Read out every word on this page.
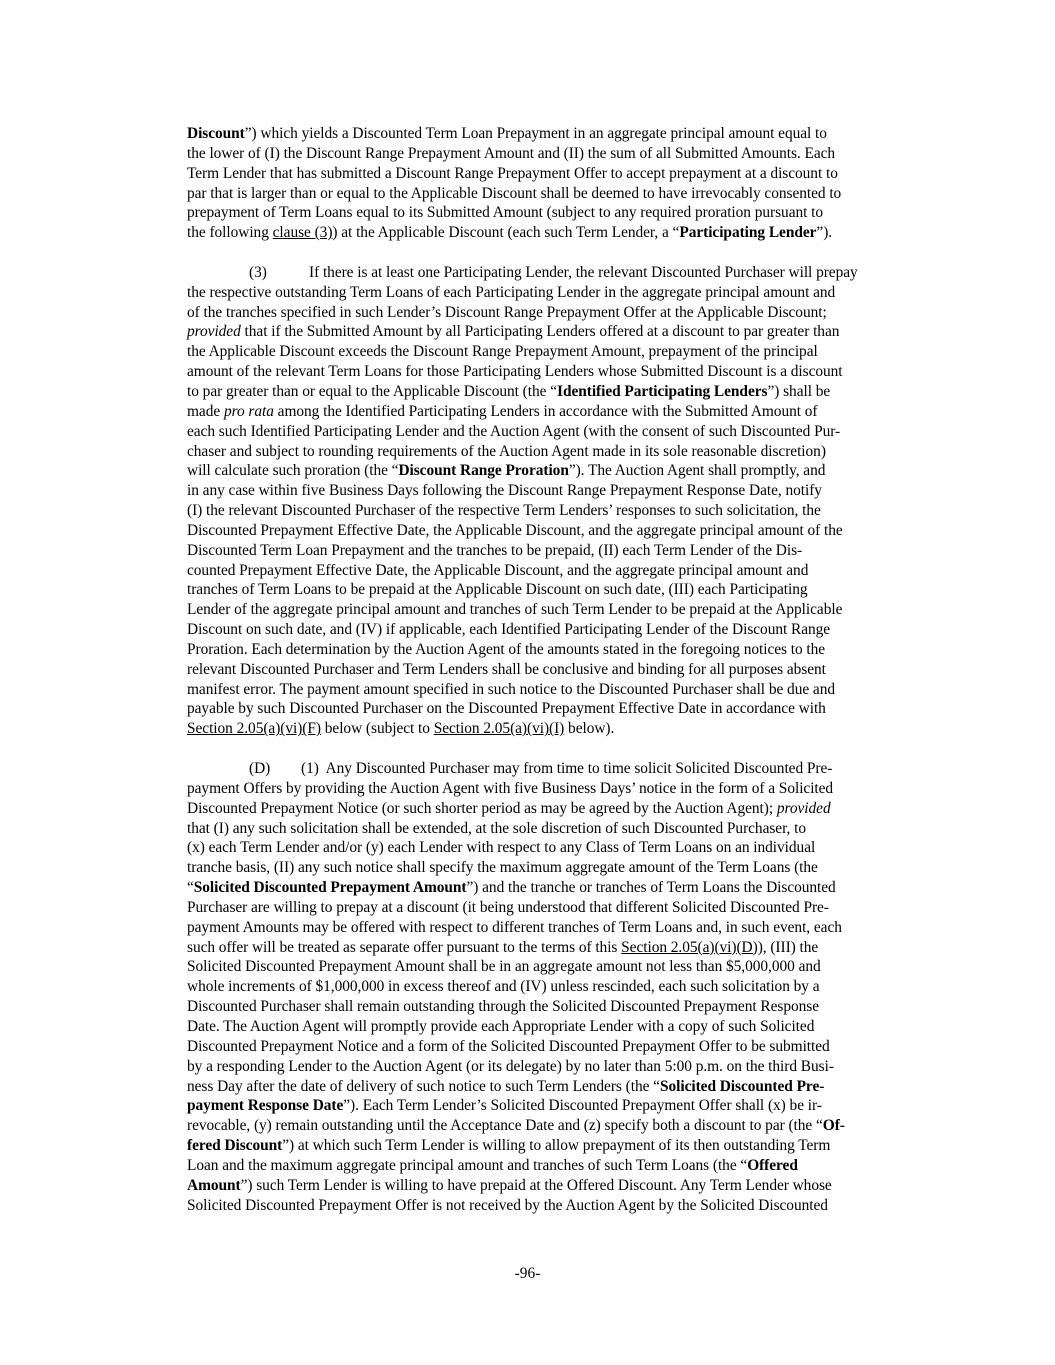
Discount”) which yields a Discounted Term Loan Prepayment in an aggregate principal amount equal to
the lower of (I) the Discount Range Prepayment Amount and (II) the sum of all Submitted Amounts. Each
Term Lender that has submitted a Discount Range Prepayment Offer to accept prepayment at a discount to
par that is larger than or equal to the Applicable Discount shall be deemed to have irrevocably consented to
prepayment of Term Loans equal to its Submitted Amount (subject to any required proration pursuant to
the following clause (3)) at the Applicable Discount (each such Term Lender, a “Participating Lender”).
(3)	If there is at least one Participating Lender, the relevant Discounted Purchaser will prepay
the respective outstanding Term Loans of each Participating Lender in the aggregate principal amount and
of the tranches specified in such Lender’s Discount Range Prepayment Offer at the Applicable Discount;
provided that if the Submitted Amount by all Participating Lenders offered at a discount to par greater than
the Applicable Discount exceeds the Discount Range Prepayment Amount, prepayment of the principal
amount of the relevant Term Loans for those Participating Lenders whose Submitted Discount is a discount
to par greater than or equal to the Applicable Discount (the “Identified Participating Lenders”) shall be
made pro rata among the Identified Participating Lenders in accordance with the Submitted Amount of
each such Identified Participating Lender and the Auction Agent (with the consent of such Discounted Pur-
chaser and subject to rounding requirements of the Auction Agent made in its sole reasonable discretion)
will calculate such proration (the “Discount Range Proration”). The Auction Agent shall promptly, and
in any case within five Business Days following the Discount Range Prepayment Response Date, notify
(I) the relevant Discounted Purchaser of the respective Term Lenders’ responses to such solicitation, the
Discounted Prepayment Effective Date, the Applicable Discount, and the aggregate principal amount of the
Discounted Term Loan Prepayment and the tranches to be prepaid, (II) each Term Lender of the Dis-
counted Prepayment Effective Date, the Applicable Discount, and the aggregate principal amount and
tranches of Term Loans to be prepaid at the Applicable Discount on such date, (III) each Participating
Lender of the aggregate principal amount and tranches of such Term Lender to be prepaid at the Applicable
Discount on such date, and (IV) if applicable, each Identified Participating Lender of the Discount Range
Proration. Each determination by the Auction Agent of the amounts stated in the foregoing notices to the
relevant Discounted Purchaser and Term Lenders shall be conclusive and binding for all purposes absent
manifest error. The payment amount specified in such notice to the Discounted Purchaser shall be due and
payable by such Discounted Purchaser on the Discounted Prepayment Effective Date in accordance with
Section 2.05(a)(vi)(F) below (subject to Section 2.05(a)(vi)(I) below).
(D) (1) Any Discounted Purchaser may from time to time solicit Solicited Discounted Pre-
payment Offers by providing the Auction Agent with five Business Days’ notice in the form of a Solicited
Discounted Prepayment Notice (or such shorter period as may be agreed by the Auction Agent); provided
that (I) any such solicitation shall be extended, at the sole discretion of such Discounted Purchaser, to
(x) each Term Lender and/or (y) each Lender with respect to any Class of Term Loans on an individual
tranche basis, (II) any such notice shall specify the maximum aggregate amount of the Term Loans (the
“Solicited Discounted Prepayment Amount”) and the tranche or tranches of Term Loans the Discounted
Purchaser are willing to prepay at a discount (it being understood that different Solicited Discounted Pre-
payment Amounts may be offered with respect to different tranches of Term Loans and, in such event, each
such offer will be treated as separate offer pursuant to the terms of this Section 2.05(a)(vi)(D)), (III) the
Solicited Discounted Prepayment Amount shall be in an aggregate amount not less than $5,000,000 and
whole increments of $1,000,000 in excess thereof and (IV) unless rescinded, each such solicitation by a
Discounted Purchaser shall remain outstanding through the Solicited Discounted Prepayment Response
Date. The Auction Agent will promptly provide each Appropriate Lender with a copy of such Solicited
Discounted Prepayment Notice and a form of the Solicited Discounted Prepayment Offer to be submitted
by a responding Lender to the Auction Agent (or its delegate) by no later than 5:00 p.m. on the third Busi-
ness Day after the date of delivery of such notice to such Term Lenders (the “Solicited Discounted Pre-
payment Response Date”). Each Term Lender’s Solicited Discounted Prepayment Offer shall (x) be ir-
revocable, (y) remain outstanding until the Acceptance Date and (z) specify both a discount to par (the “Of-
fered Discount”) at which such Term Lender is willing to allow prepayment of its then outstanding Term
Loan and the maximum aggregate principal amount and tranches of such Term Loans (the “Offered
Amount”) such Term Lender is willing to have prepaid at the Offered Discount. Any Term Lender whose
Solicited Discounted Prepayment Offer is not received by the Auction Agent by the Solicited Discounted
-96-
